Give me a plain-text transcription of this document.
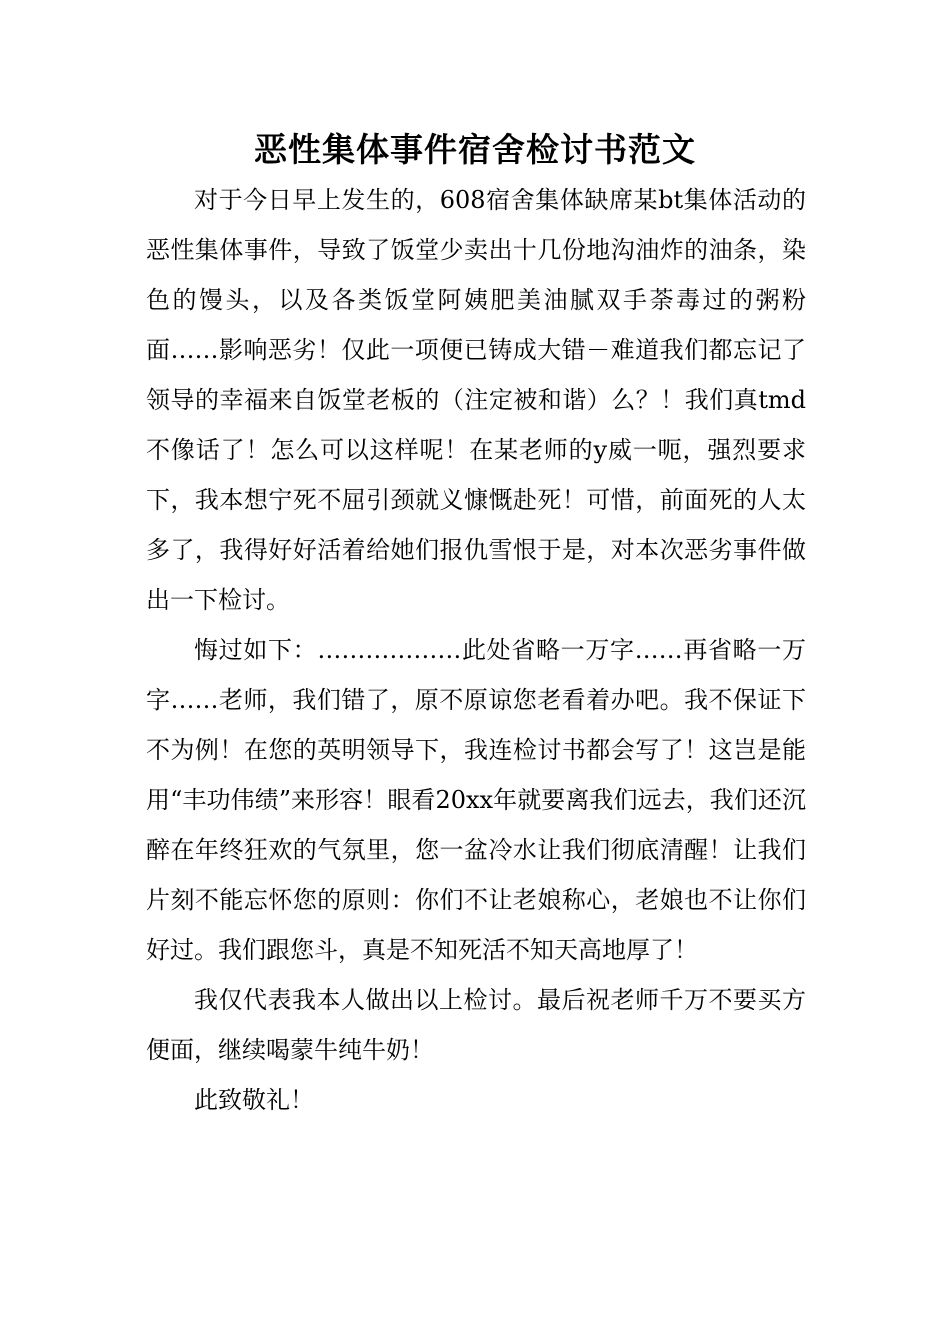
恶性集体事件宿舍检讨书范文

对于今日早上发生的，608宿舍集体缺席某bt集体活动的恶性集体事件，导致了饭堂少卖出十几份地沟油炸的油条，染色的馒头，以及各类饭堂阿姨肥美油腻双手荼毒过的粥粉面……影响恶劣！仅此一项便已铸成大错－难道我们都忘记了领导的幸福来自饭堂老板的（注定被和谐）么？！我们真tmd不像话了！怎么可以这样呢！在某老师的y威一呃，强烈要求下，我本想宁死不屈引颈就义慷慨赴死！可惜，前面死的人太多了，我得好好活着给她们报仇雪恨于是，对本次恶劣事件做出一下检讨。

悔过如下：………………此处省略一万字……再省略一万字……老师，我们错了，原不原谅您老看着办吧。我不保证下不为例！在您的英明领导下，我连检讨书都会写了！这岂是能用“丰功伟绩”来形容！眼看20xx年就要离我们远去，我们还沉醉在年终狂欢的气氛里，您一盆冷水让我们彻底清醒！让我们片刻不能忘怀您的原则：你们不让老娘称心，老娘也不让你们好过。我们跟您斗，真是不知死活不知天高地厚了！

我仅代表我本人做出以上检讨。最后祝老师千万不要买方便面，继续喝蒙牛纯牛奶！

此致敬礼！
